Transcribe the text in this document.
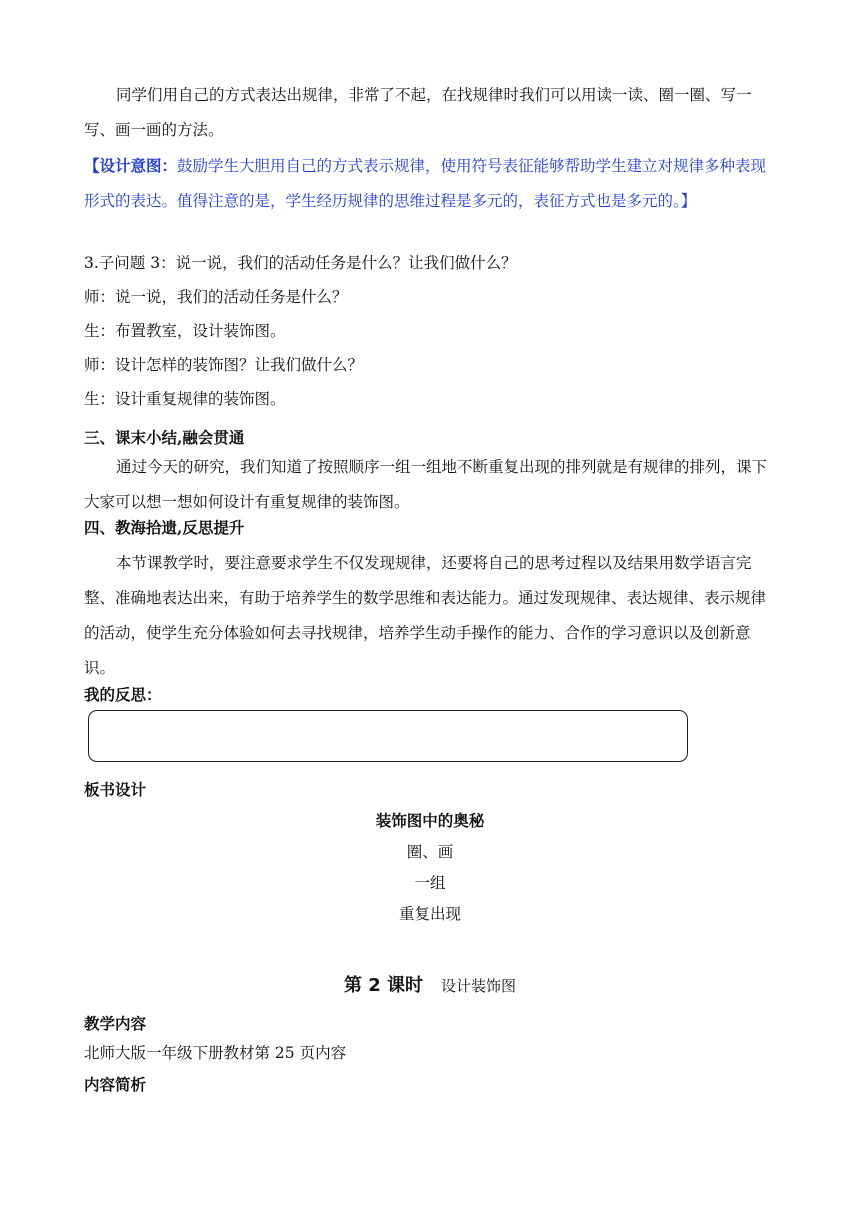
同学们用自己的方式表达出规律，非常了不起，在找规律时我们可以用读一读、圈一圈、写一写、画一画的方法。

【设计意图：鼓励学生大胆用自己的方式表示规律，使用符号表征能够帮助学生建立对规律多种表现形式的表达。值得注意的是，学生经历规律的思维过程是多元的，表征方式也是多元的。】

3.子问题 3：说一说，我们的活动任务是什么？让我们做什么？

师：说一说，我们的活动任务是什么？

生：布置教室，设计装饰图。

师：设计怎样的装饰图？让我们做什么？

生：设计重复规律的装饰图。

三、课末小结,融会贯通

通过今天的研究，我们知道了按照顺序一组一组地不断重复出现的排列就是有规律的排列，课下大家可以想一想如何设计有重复规律的装饰图。

四、教海拾遗,反思提升

本节课教学时，要注意要求学生不仅发现规律，还要将自己的思考过程以及结果用数学语言完整、准确地表达出来，有助于培养学生的数学思维和表达能力。通过发现规律、表达规律、表示规律的活动，使学生充分体验如何去寻找规律，培养学生动手操作的能力、合作的学习意识以及创新意识。

我的反思：
板书设计
装饰图中的奥秘
圈、画
一组
重复出现
第 2 课时 设计装饰图
教学内容
北师大版一年级下册教材第 25 页内容
内容简析
